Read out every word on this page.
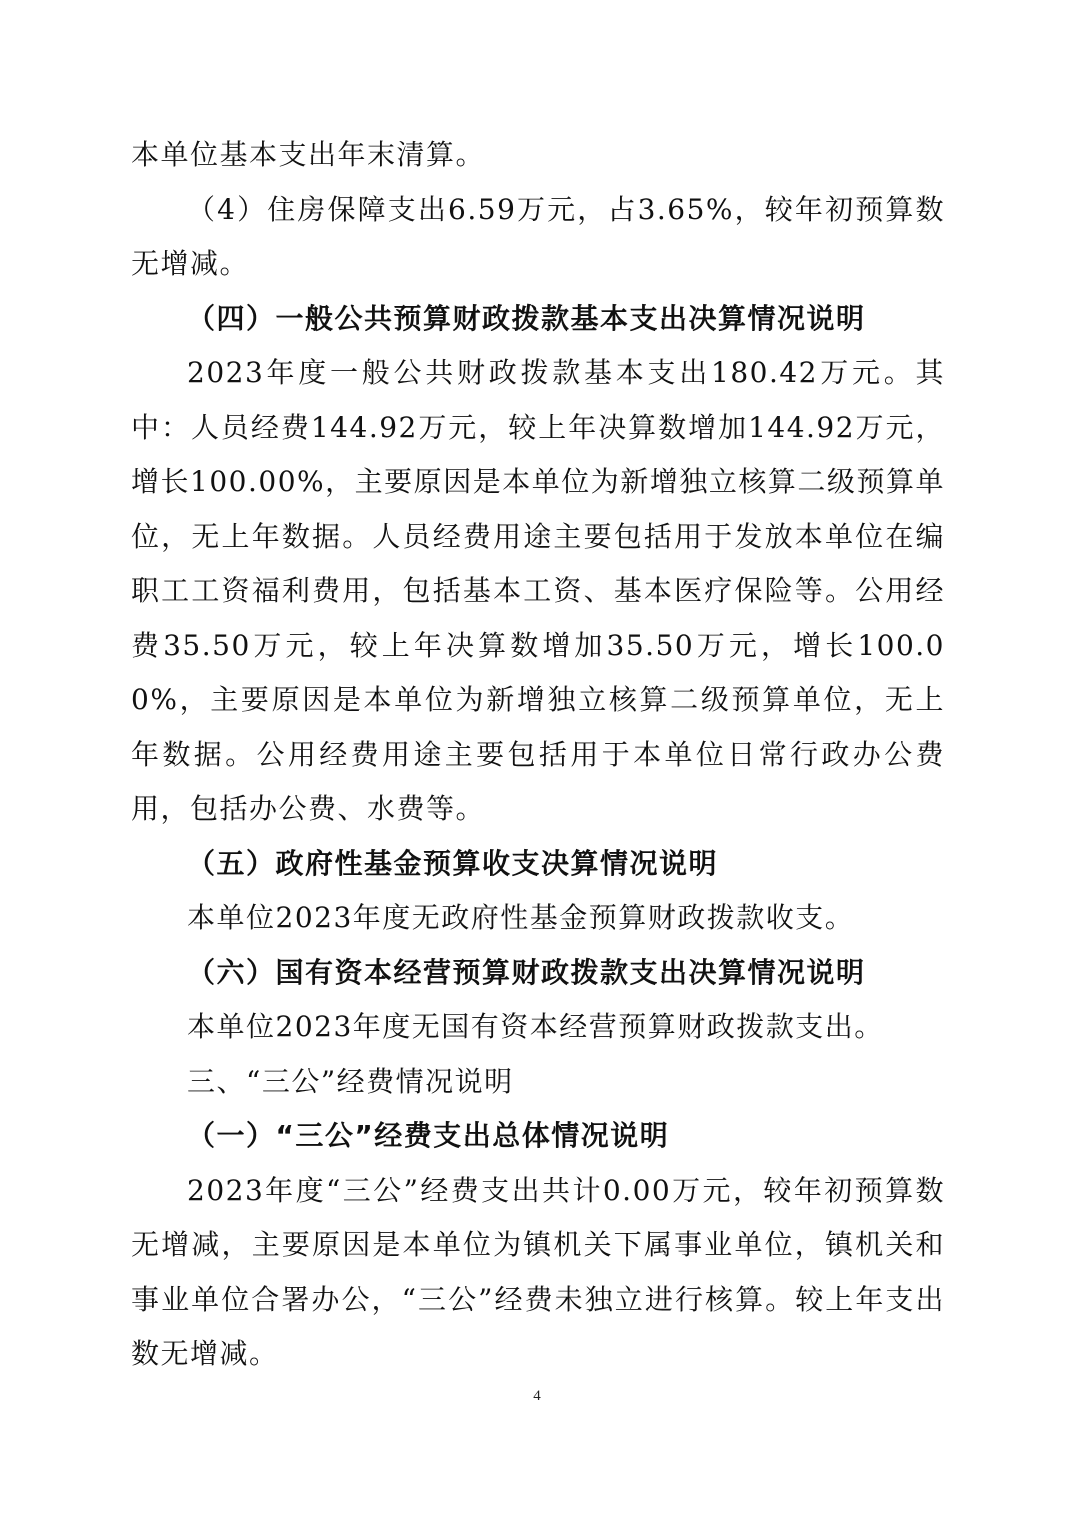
本单位基本支出年末清算。

（4）住房保障支出6.59万元，占3.65%，较年初预算数无增减。

（四）一般公共预算财政拨款基本支出决算情况说明

2023年度一般公共财政拨款基本支出180.42万元。其中：人员经费144.92万元，较上年决算数增加144.92万元，增长100.00%，主要原因是本单位为新增独立核算二级预算单位，无上年数据。人员经费用途主要包括用于发放本单位在编职工工资福利费用，包括基本工资、基本医疗保险等。公用经费35.50万元，较上年决算数增加35.50万元，增长100.00%，主要原因是本单位为新增独立核算二级预算单位，无上年数据。公用经费用途主要包括用于本单位日常行政办公费用，包括办公费、水费等。

（五）政府性基金预算收支决算情况说明

本单位2023年度无政府性基金预算财政拨款收支。

（六）国有资本经营预算财政拨款支出决算情况说明

本单位2023年度无国有资本经营预算财政拨款支出。

三、“三公”经费情况说明

（一）“三公”经费支出总体情况说明

2023年度“三公”经费支出共计0.00万元，较年初预算数无增减，主要原因是本单位为镇机关下属事业单位，镇机关和事业单位合署办公，“三公”经费未独立进行核算。较上年支出数无增减。

4
